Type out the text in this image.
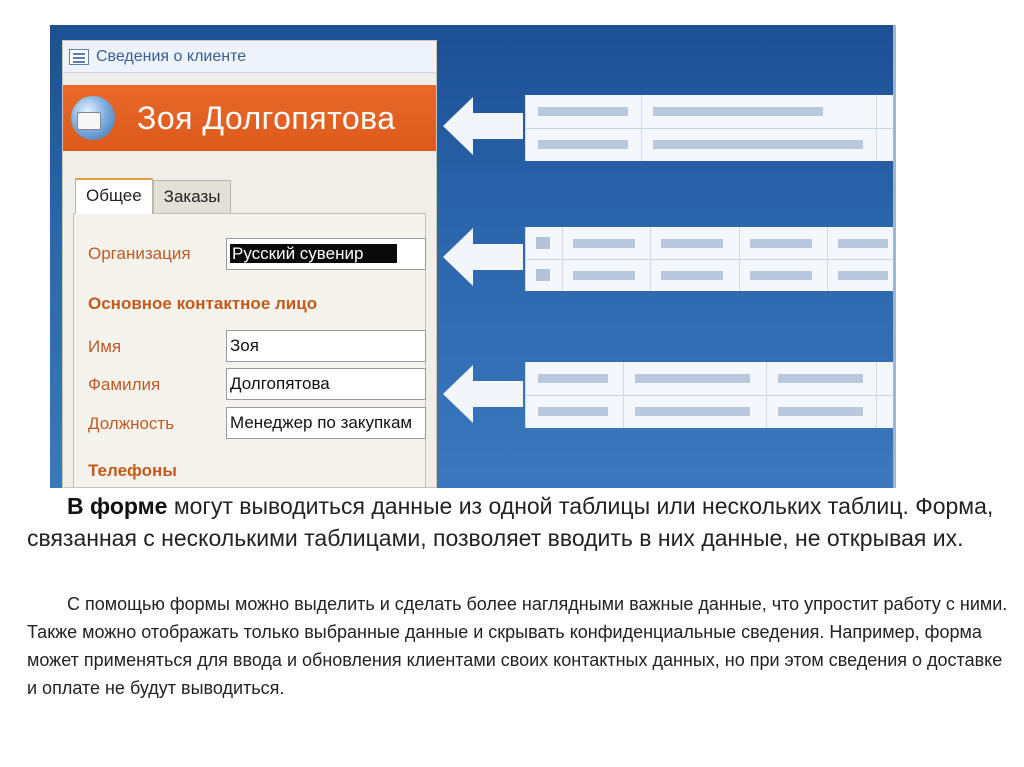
Сведения о клиенте
Зоя Долгопятова
Общее	Заказы
Организация	Русский сувенир
Основное контактное лицо
Имя	Зоя
Фамилия	Долгопятова
Должность	Менеджер по закупкам
Телефоны

В форме могут выводиться данные из одной таблицы или нескольких таблиц. Форма, связанная с несколькими таблицами, позволяет вводить в них данные, не открывая их.

С помощью формы можно выделить и сделать более наглядными важные данные, что упростит работу с ними. Также можно отображать только выбранные данные и скрывать конфиденциальные сведения. Например, форма может применяться для ввода и обновления клиентами своих контактных данных, но при этом сведения о доставке и оплате не будут выводиться.
